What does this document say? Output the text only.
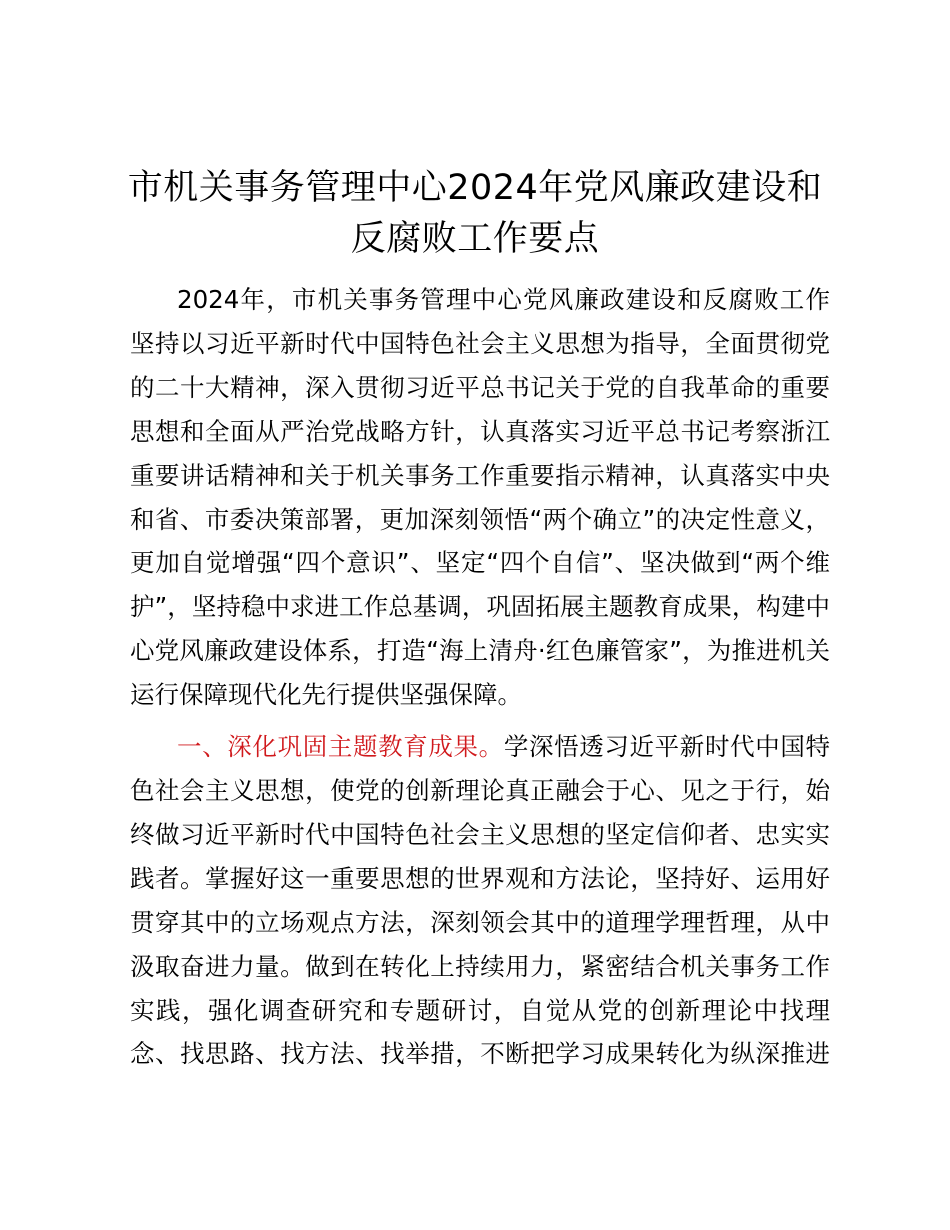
市机关事务管理中心2024年党风廉政建设和
反腐败工作要点
2024年，市机关事务管理中心党风廉政建设和反腐败工作
坚持以习近平新时代中国特色社会主义思想为指导，全面贯彻党
的二十大精神，深入贯彻习近平总书记关于党的自我革命的重要
思想和全面从严治党战略方针，认真落实习近平总书记考察浙江
重要讲话精神和关于机关事务工作重要指示精神，认真落实中央
和省、市委决策部署，更加深刻领悟“两个确立”的决定性意义，
更加自觉增强“四个意识”、坚定“四个自信”、坚决做到“两个维
护”，坚持稳中求进工作总基调，巩固拓展主题教育成果，构建中
心党风廉政建设体系，打造“海上清舟·红色廉管家”，为推进机关
运行保障现代化先行提供坚强保障。
一、深化巩固主题教育成果。学深悟透习近平新时代中国特
色社会主义思想，使党的创新理论真正融会于心、见之于行，始
终做习近平新时代中国特色社会主义思想的坚定信仰者、忠实实
践者。掌握好这一重要思想的世界观和方法论，坚持好、运用好
贯穿其中的立场观点方法，深刻领会其中的道理学理哲理，从中
汲取奋进力量。做到在转化上持续用力，紧密结合机关事务工作
实践，强化调查研究和专题研讨，自觉从党的创新理论中找理
念、找思路、找方法、找举措，不断把学习成果转化为纵深推进
